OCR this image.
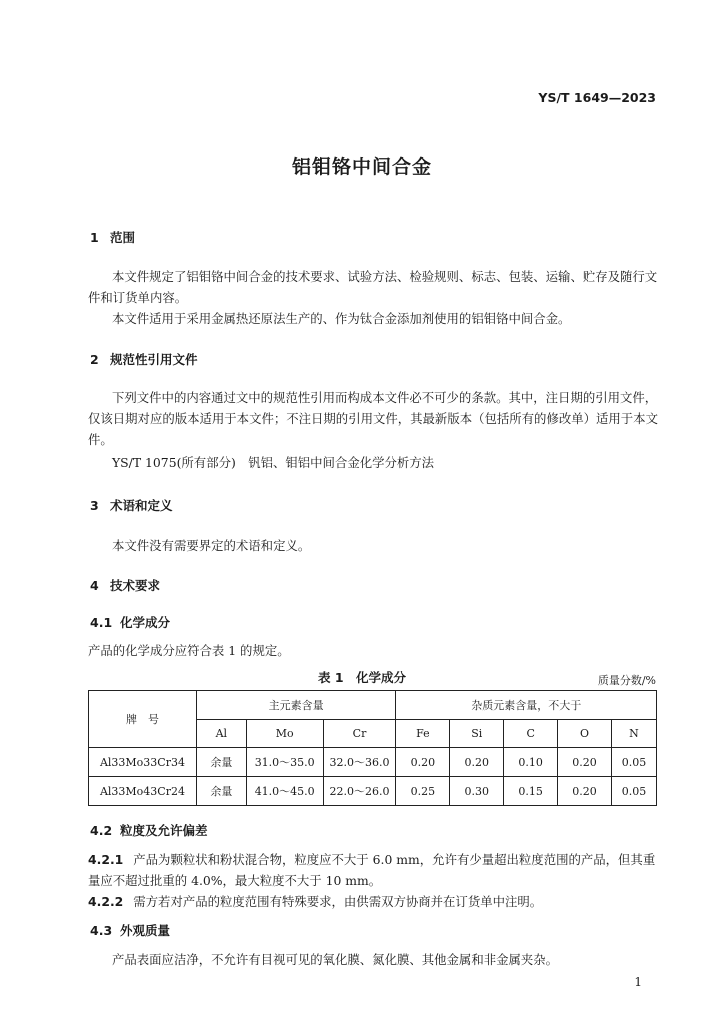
YS/T 1649—2023
铝钼铬中间合金
1 范围
本文件规定了铝钼铬中间合金的技术要求、试验方法、检验规则、标志、包装、运输、贮存及随行文件和订货单内容。
本文件适用于采用金属热还原法生产的、作为钛合金添加剂使用的铝钼铬中间合金。
2 规范性引用文件
下列文件中的内容通过文中的规范性引用而构成本文件必不可少的条款。其中，注日期的引用文件，仅该日期对应的版本适用于本文件；不注日期的引用文件，其最新版本（包括所有的修改单）适用于本文件。
YS/T 1075(所有部分)　钒铝、钼铝中间合金化学分析方法
3 术语和定义
本文件没有需要界定的术语和定义。
4 技术要求
4.1 化学成分
产品的化学成分应符合表 1 的规定。
表 1　化学成分	质量分数/%
牌　号	主元素含量			杂质元素含量，不大于				
	Al	Mo	Cr	Fe	Si	C	O	N
Al33Mo33Cr34	余量	31.0～35.0	32.0～36.0	0.20	0.20	0.10	0.20	0.05
Al33Mo43Cr24	余量	41.0～45.0	22.0～26.0	0.25	0.30	0.15	0.20	0.05
4.2 粒度及允许偏差
4.2.1 产品为颗粒状和粉状混合物，粒度应不大于 6.0 mm，允许有少量超出粒度范围的产品，但其重量应不超过批重的 4.0%，最大粒度不大于 10 mm。
4.2.2 需方若对产品的粒度范围有特殊要求，由供需双方协商并在订货单中注明。
4.3 外观质量
产品表面应洁净，不允许有目视可见的氧化膜、氮化膜、其他金属和非金属夹杂。
1
